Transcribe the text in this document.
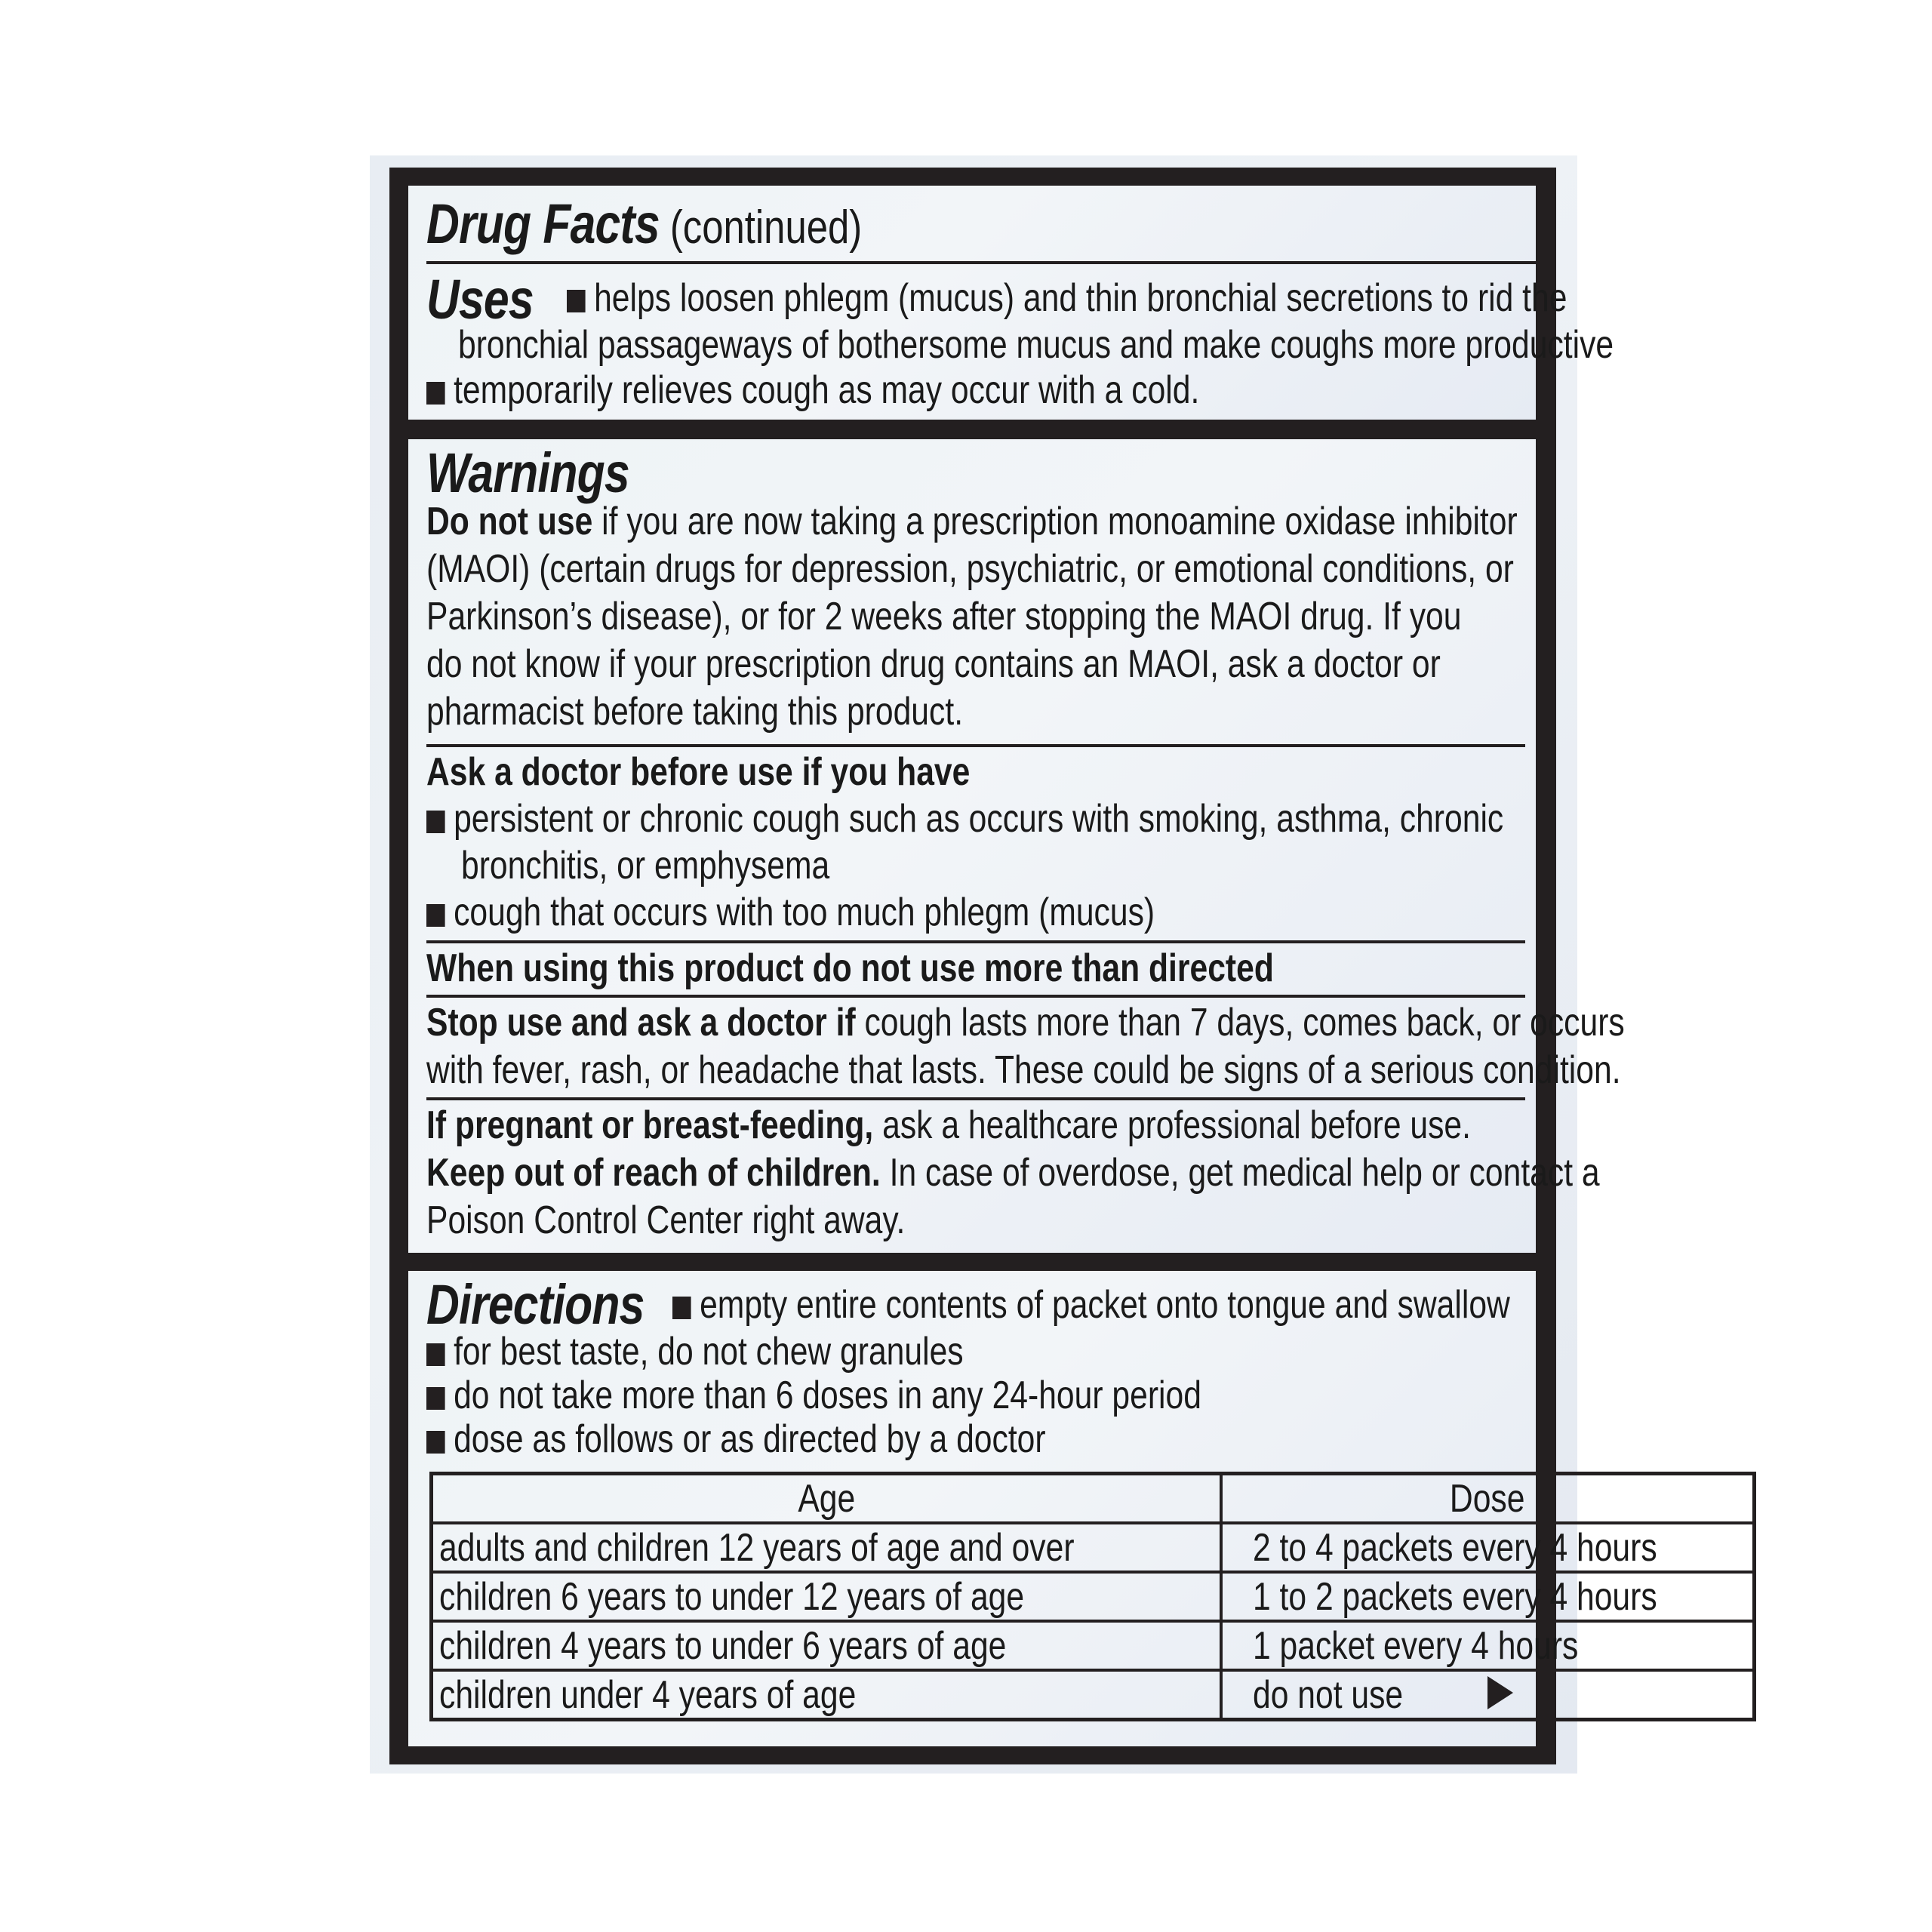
Drug Facts (continued)
Uses	helps loosen phlegm (mucus) and thin bronchial secretions to rid the
bronchial passageways of bothersome mucus and make coughs more productive
temporarily relieves cough as may occur with a cold.
Warnings
Do not use if you are now taking a prescription monoamine oxidase inhibitor
(MAOI) (certain drugs for depression, psychiatric, or emotional conditions, or
Parkinson’s disease), or for 2 weeks after stopping the MAOI drug. If you
do not know if your prescription drug contains an MAOI, ask a doctor or
pharmacist before taking this product.
Ask a doctor before use if you have
persistent or chronic cough such as occurs with smoking, asthma, chronic
bronchitis, or emphysema
cough that occurs with too much phlegm (mucus)
When using this product do not use more than directed
Stop use and ask a doctor if cough lasts more than 7 days, comes back, or occurs
with fever, rash, or headache that lasts. These could be signs of a serious condition.
If pregnant or breast-feeding, ask a healthcare professional before use.
Keep out of reach of children. In case of overdose, get medical help or contact a
Poison Control Center right away.
Directions	empty entire contents of packet onto tongue and swallow
for best taste, do not chew granules
do not take more than 6 doses in any 24-hour period
dose as follows or as directed by a doctor
Age	Dose
adults and children 12 years of age and over	2 to 4 packets every 4 hours
children 6 years to under 12 years of age	1 to 2 packets every 4 hours
children 4 years to under 6 years of age	1 packet every 4 hours
children under 4 years of age	do not use
